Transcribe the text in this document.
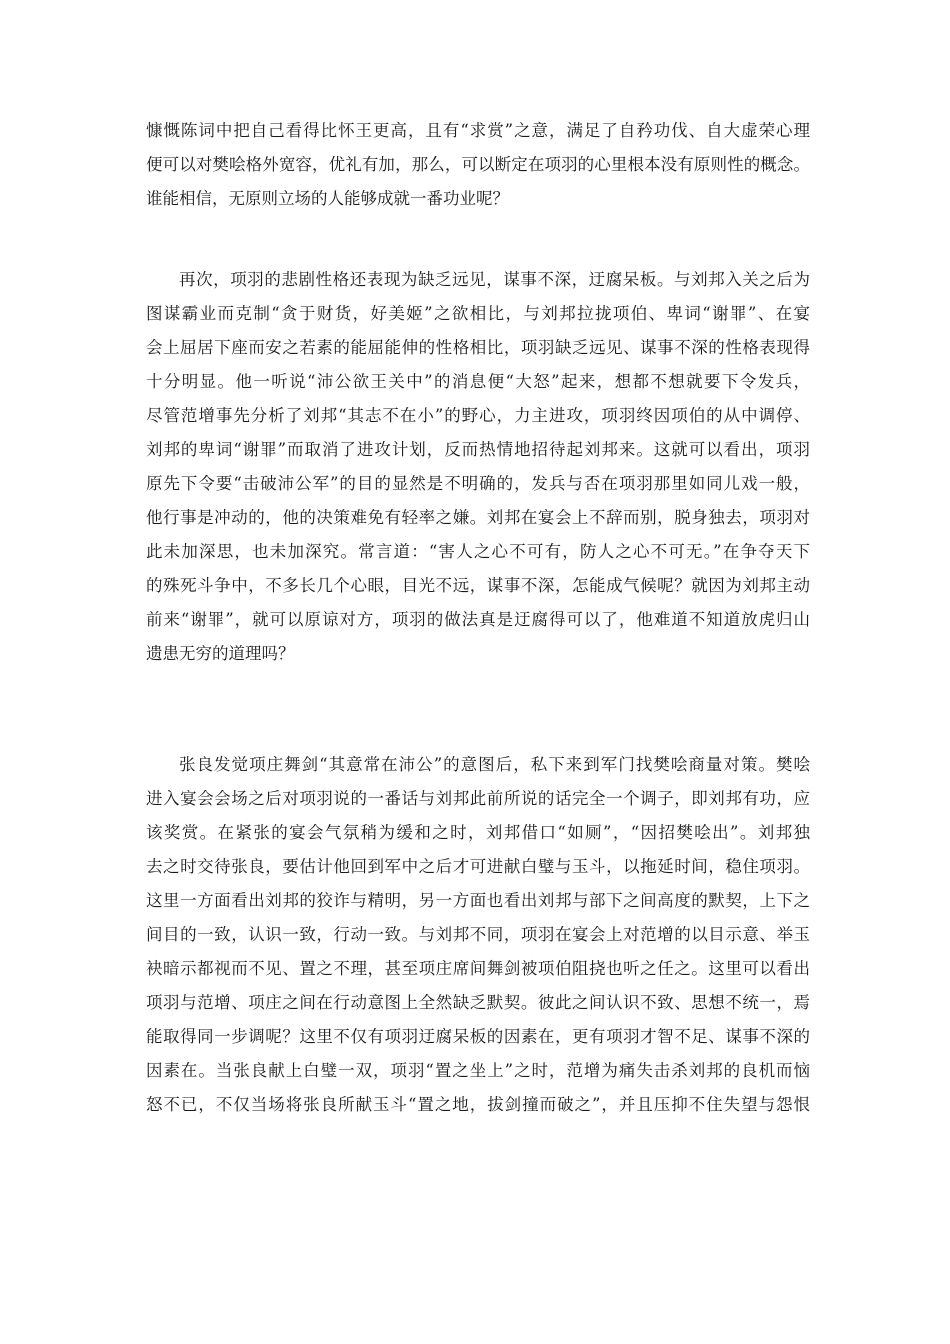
慷慨陈词中把自己看得比怀王更高，且有“求赏”之意，满足了自矜功伐、自大虚荣心理
便可以对樊哙格外宽容，优礼有加，那么，可以断定在项羽的心里根本没有原则性的概念。
谁能相信，无原则立场的人能够成就一番功业呢？
再次，项羽的悲剧性格还表现为缺乏远见，谋事不深，迂腐呆板。与刘邦入关之后为
图谋霸业而克制“贪于财货，好美姬”之欲相比，与刘邦拉拢项伯、卑词“谢罪”、在宴
会上屈居下座而安之若素的能屈能伸的性格相比，项羽缺乏远见、谋事不深的性格表现得
十分明显。他一听说“沛公欲王关中”的消息便“大怒”起来，想都不想就要下令发兵，
尽管范增事先分析了刘邦“其志不在小”的野心，力主进攻，项羽终因项伯的从中调停、
刘邦的卑词“谢罪”而取消了进攻计划，反而热情地招待起刘邦来。这就可以看出，项羽
原先下令要“击破沛公军”的目的显然是不明确的，发兵与否在项羽那里如同儿戏一般，
他行事是冲动的，他的决策难免有轻率之嫌。刘邦在宴会上不辞而别，脱身独去，项羽对
此未加深思，也未加深究。常言道：“害人之心不可有，防人之心不可无。”在争夺天下
的殊死斗争中，不多长几个心眼，目光不远，谋事不深，怎能成气候呢？就因为刘邦主动
前来“谢罪”，就可以原谅对方，项羽的做法真是迂腐得可以了，他难道不知道放虎归山
遗患无穷的道理吗？
张良发觉项庄舞剑“其意常在沛公”的意图后，私下来到军门找樊哙商量对策。樊哙
进入宴会会场之后对项羽说的一番话与刘邦此前所说的话完全一个调子，即刘邦有功，应
该奖赏。在紧张的宴会气氛稍为缓和之时，刘邦借口“如厕”，“因招樊哙出”。刘邦独
去之时交待张良，要估计他回到军中之后才可进献白璧与玉斗，以拖延时间，稳住项羽。
这里一方面看出刘邦的狡诈与精明，另一方面也看出刘邦与部下之间高度的默契，上下之
间目的一致，认识一致，行动一致。与刘邦不同，项羽在宴会上对范增的以目示意、举玉
袂暗示都视而不见、置之不理，甚至项庄席间舞剑被项伯阻挠也听之任之。这里可以看出
项羽与范增、项庄之间在行动意图上全然缺乏默契。彼此之间认识不致、思想不统一，焉
能取得同一步调呢？这里不仅有项羽迂腐呆板的因素在，更有项羽才智不足、谋事不深的
因素在。当张良献上白璧一双，项羽“置之坐上”之时，范增为痛失击杀刘邦的良机而恼
怒不已，不仅当场将张良所献玉斗“置之地，拔剑撞而破之”，并且压抑不住失望与怨恨
